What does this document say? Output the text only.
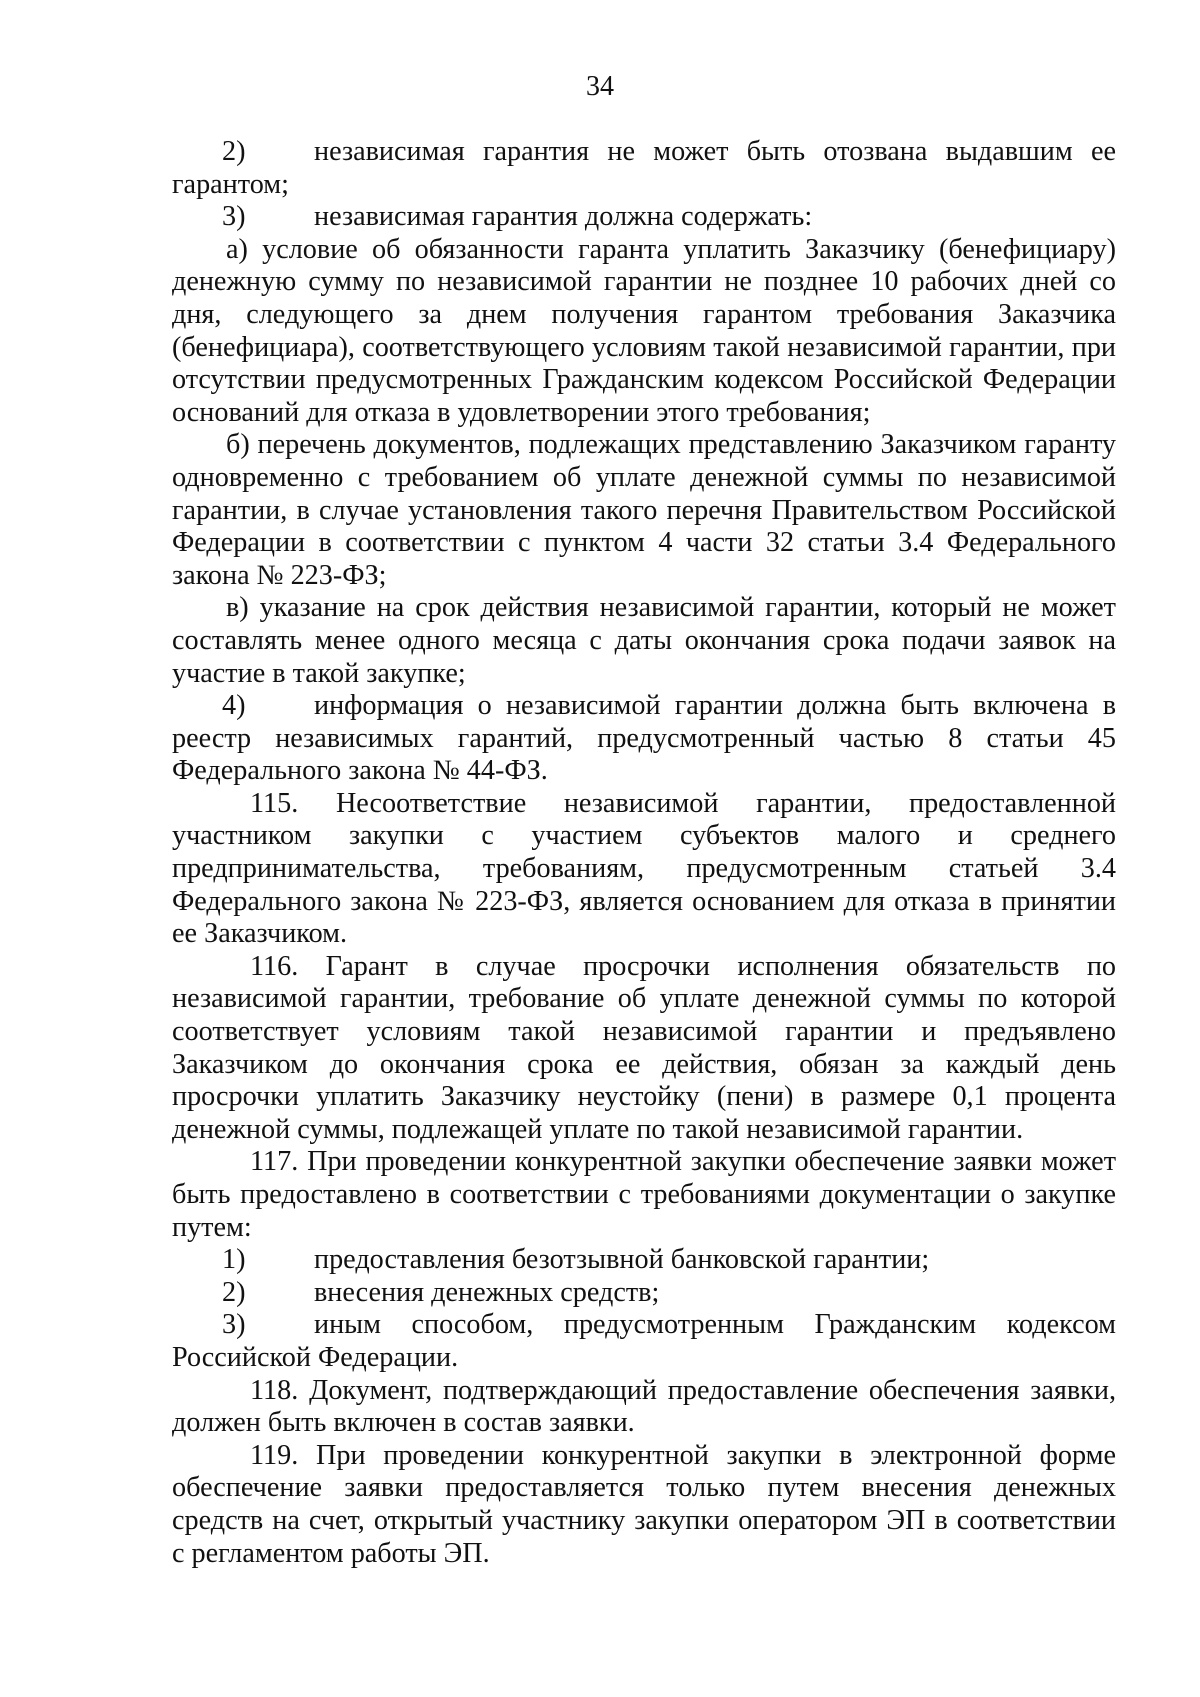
34

2) независимая гарантия не может быть отозвана выдавшим ее гарантом;

3) независимая гарантия должна содержать:

а) условие об обязанности гаранта уплатить Заказчику (бенефициару) денежную сумму по независимой гарантии не позднее 10 рабочих дней со дня, следующего за днем получения гарантом требования Заказчика (бенефициара), соответствующего условиям такой независимой гарантии, при отсутствии предусмотренных Гражданским кодексом Российской Федерации оснований для отказа в удовлетворении этого требования;

б) перечень документов, подлежащих представлению Заказчиком гаранту одновременно с требованием об уплате денежной суммы по независимой гарантии, в случае установления такого перечня Правительством Российской Федерации в соответствии с пунктом 4 части 32 статьи 3.4 Федерального закона № 223-ФЗ;

в) указание на срок действия независимой гарантии, который не может составлять менее одного месяца с даты окончания срока подачи заявок на участие в такой закупке;

4) информация о независимой гарантии должна быть включена в реестр независимых гарантий, предусмотренный частью 8 статьи 45 Федерального закона № 44-ФЗ.

115. Несоответствие независимой гарантии, предоставленной участником закупки с участием субъектов малого и среднего предпринимательства, требованиям, предусмотренным статьей 3.4 Федерального закона № 223-ФЗ, является основанием для отказа в принятии ее Заказчиком.

116. Гарант в случае просрочки исполнения обязательств по независимой гарантии, требование об уплате денежной суммы по которой соответствует условиям такой независимой гарантии и предъявлено Заказчиком до окончания срока ее действия, обязан за каждый день просрочки уплатить Заказчику неустойку (пени) в размере 0,1 процента денежной суммы, подлежащей уплате по такой независимой гарантии.

117. При проведении конкурентной закупки обеспечение заявки может быть предоставлено в соответствии с требованиями документации о закупке путем:

1) предоставления безотзывной банковской гарантии;

2) внесения денежных средств;

3) иным способом, предусмотренным Гражданским кодексом Российской Федерации.

118. Документ, подтверждающий предоставление обеспечения заявки, должен быть включен в состав заявки.

119. При проведении конкурентной закупки в электронной форме обеспечение заявки предоставляется только путем внесения денежных средств на счет, открытый участнику закупки оператором ЭП в соответствии с регламентом работы ЭП.
